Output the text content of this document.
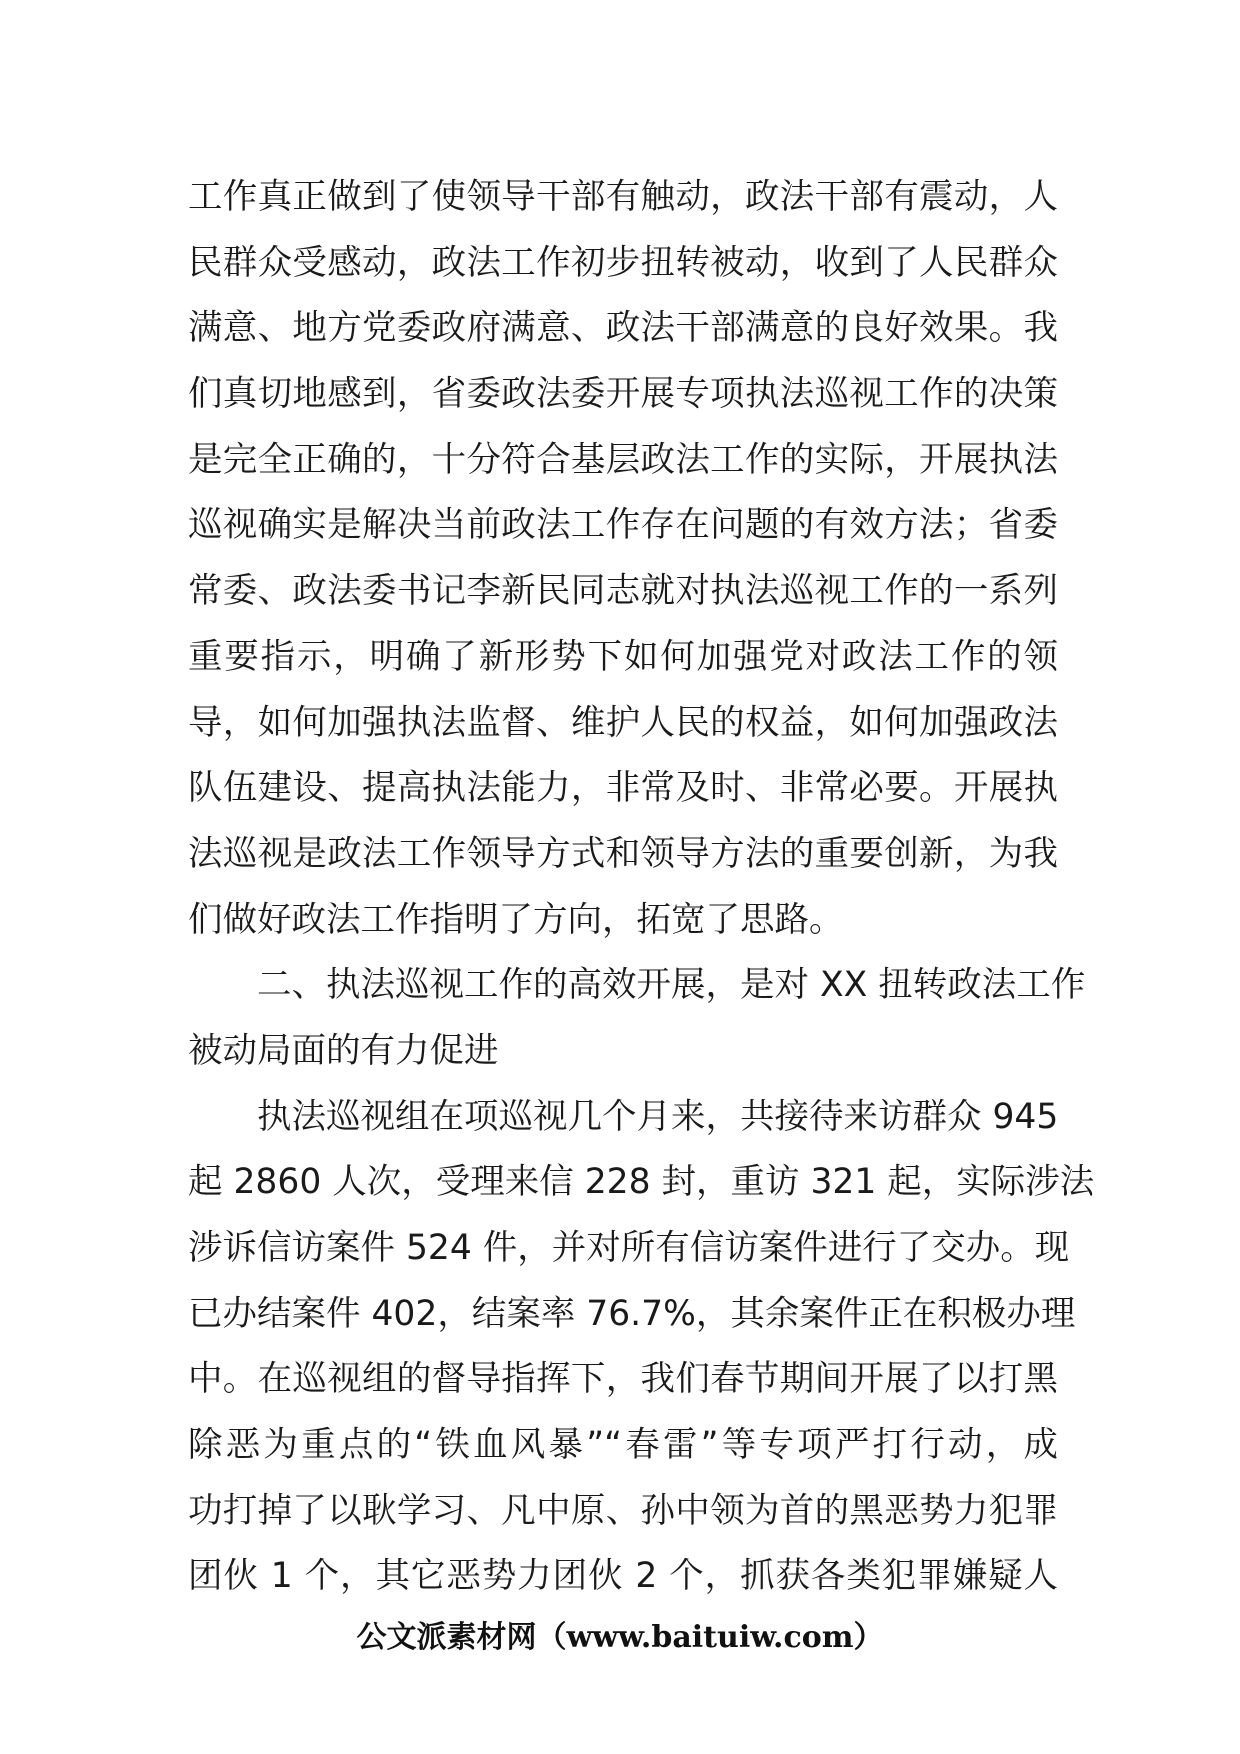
工作真正做到了使领导干部有触动，政法干部有震动，人
民群众受感动，政法工作初步扭转被动，收到了人民群众
满意、地方党委政府满意、政法干部满意的良好效果。我
们真切地感到，省委政法委开展专项执法巡视工作的决策
是完全正确的，十分符合基层政法工作的实际，开展执法
巡视确实是解决当前政法工作存在问题的有效方法；省委
常委、政法委书记李新民同志就对执法巡视工作的一系列
重要指示，明确了新形势下如何加强党对政法工作的领
导，如何加强执法监督、维护人民的权益，如何加强政法
队伍建设、提高执法能力，非常及时、非常必要。开展执
法巡视是政法工作领导方式和领导方法的重要创新，为我
们做好政法工作指明了方向，拓宽了思路。
二、执法巡视工作的高效开展，是对 XX 扭转政法工作
被动局面的有力促进
执法巡视组在项巡视几个月来，共接待来访群众 945
起 2860 人次，受理来信 228 封，重访 321 起，实际涉法
涉诉信访案件 524 件，并对所有信访案件进行了交办。现
已办结案件 402，结案率 76.7%，其余案件正在积极办理
中。在巡视组的督导指挥下，我们春节期间开展了以打黑
除恶为重点的“铁血风暴”“春雷”等专项严打行动，成
功打掉了以耿学习、凡中原、孙中领为首的黑恶势力犯罪
团伙 1 个，其它恶势力团伙 2 个，抓获各类犯罪嫌疑人
公文派素材网（www.baituiw.com）
